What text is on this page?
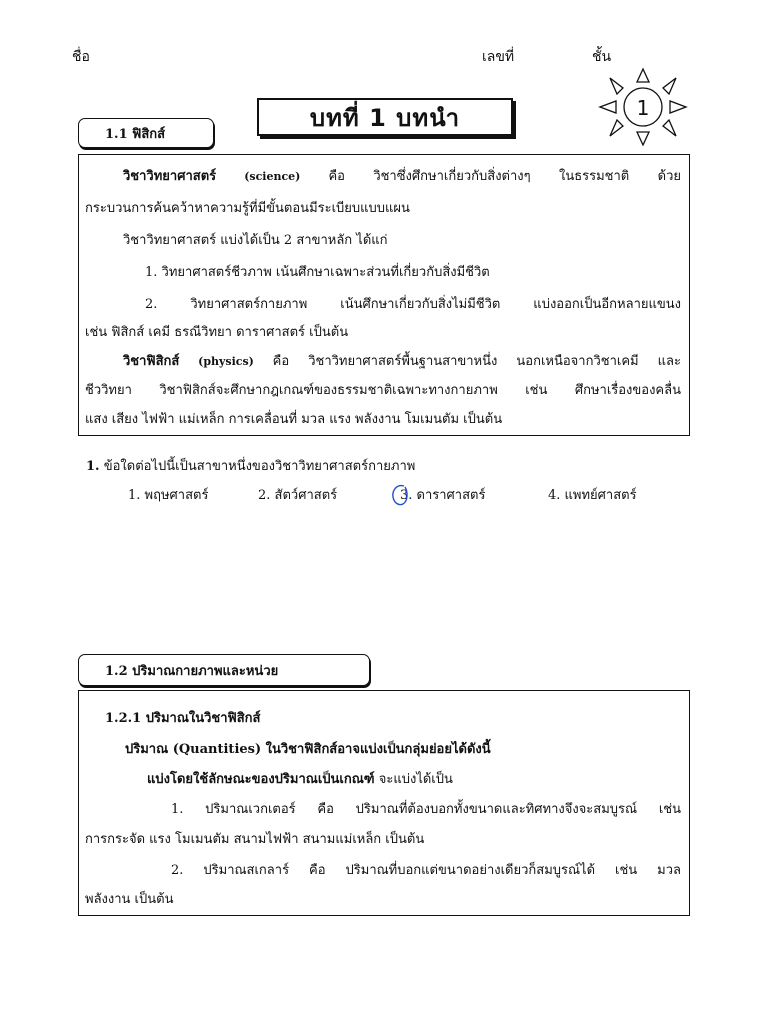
ชื่อ	เลขที่	ชั้น
บทที่ 1 บทนำ	1
1.1 ฟิสิกส์
วิชาวิทยาศาสตร์ (science) คือ วิชาซึ่งศึกษาเกี่ยวกับสิ่งต่างๆ ในธรรมชาติ ด้วย
กระบวนการค้นคว้าหาความรู้ที่มีขั้นตอนมีระเบียบแบบแผน
วิชาวิทยาศาสตร์ แบ่งได้เป็น 2 สาขาหลัก ได้แก่
1. วิทยาศาสตร์ชีวภาพ เน้นศึกษาเฉพาะส่วนที่เกี่ยวกับสิ่งมีชีวิต
2. วิทยาศาสตร์กายภาพ เน้นศึกษาเกี่ยวกับสิ่งไม่มีชีวิต แบ่งออกเป็นอีกหลายแขนง
เช่น ฟิสิกส์ เคมี ธรณีวิทยา ดาราศาสตร์ เป็นต้น
วิชาฟิสิกส์ (physics) คือ วิชาวิทยาศาสตร์พื้นฐานสาขาหนึ่ง นอกเหนือจากวิชาเคมี และ
ชีววิทยา วิชาฟิสิกส์จะศึกษากฎเกณฑ์ของธรรมชาติเฉพาะทางกายภาพ เช่น ศึกษาเรื่องของคลื่น
แสง เสียง ไฟฟ้า แม่เหล็ก การเคลื่อนที่ มวล แรง พลังงาน โมเมนตัม เป็นต้น
1. ข้อใดต่อไปนี้เป็นสาขาหนึ่งของวิชาวิทยาศาสตร์กายภาพ
1. พฤษศาสตร์	2. สัตว์ศาสตร์	3. ดาราศาสตร์	4. แพทย์ศาสตร์
1.2 ปริมาณกายภาพและหน่วย
1.2.1 ปริมาณในวิชาฟิสิกส์
ปริมาณ (Quantities) ในวิชาฟิสิกส์อาจแบ่งเป็นกลุ่มย่อยได้ดังนี้
แบ่งโดยใช้ลักษณะของปริมาณเป็นเกณฑ์ จะแบ่งได้เป็น
1. ปริมาณเวกเตอร์ คือ ปริมาณที่ต้องบอกทั้งขนาดและทิศทางจึงจะสมบูรณ์ เช่น
การกระจัด แรง โมเมนตัม สนามไฟฟ้า สนามแม่เหล็ก เป็นต้น
2. ปริมาณสเกลาร์ คือ ปริมาณที่บอกแต่ขนาดอย่างเดียวก็สมบูรณ์ได้ เช่น มวล
พลังงาน เป็นต้น
